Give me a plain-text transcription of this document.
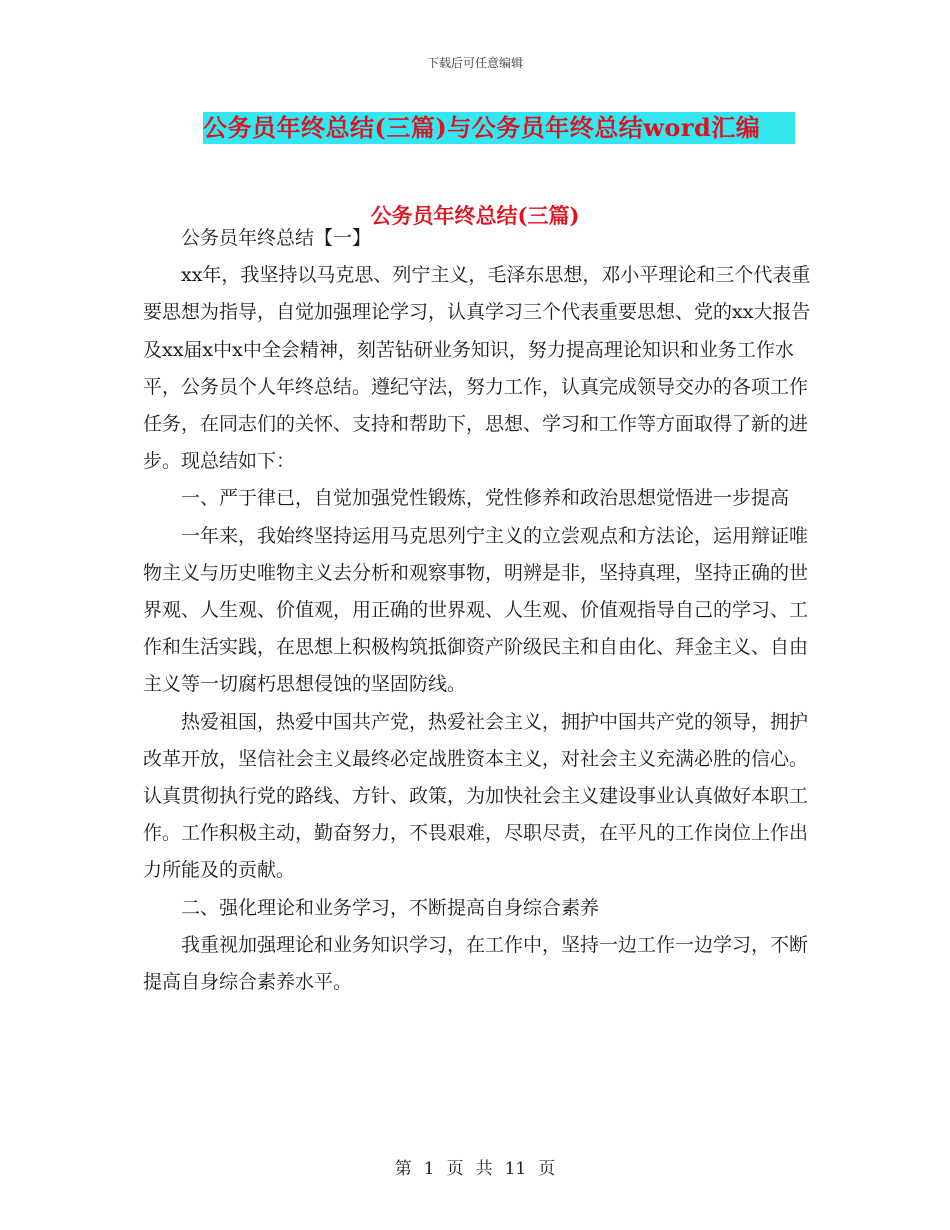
下载后可任意编辑
公务员年终总结(三篇)与公务员年终总结word汇编
公务员年终总结(三篇)

公务员年终总结【一】

xx年，我坚持以马克思、列宁主义，毛泽东思想，邓小平理论和三个代表重要思想为指导，自觉加强理论学习，认真学习三个代表重要思想、党的xx大报告及xx届x中x中全会精神，刻苦钻研业务知识，努力提高理论知识和业务工作水平，公务员个人年终总结。遵纪守法，努力工作，认真完成领导交办的各项工作任务，在同志们的关怀、支持和帮助下，思想、学习和工作等方面取得了新的进步。现总结如下：

一、严于律已，自觉加强党性锻炼，党性修养和政治思想觉悟进一步提高

一年来，我始终坚持运用马克思列宁主义的立尝观点和方法论，运用辩证唯物主义与历史唯物主义去分析和观察事物，明辨是非，坚持真理，坚持正确的世界观、人生观、价值观，用正确的世界观、人生观、价值观指导自己的学习、工作和生活实践，在思想上积极构筑抵御资产阶级民主和自由化、拜金主义、自由主义等一切腐朽思想侵蚀的坚固防线。

热爱祖国，热爱中国共产党，热爱社会主义，拥护中国共产党的领导，拥护改革开放，坚信社会主义最终必定战胜资本主义，对社会主义充满必胜的信心。认真贯彻执行党的路线、方针、政策，为加快社会主义建设事业认真做好本职工作。工作积极主动，勤奋努力，不畏艰难，尽职尽责，在平凡的工作岗位上作出力所能及的贡献。

二、强化理论和业务学习，不断提高自身综合素养

我重视加强理论和业务知识学习，在工作中，坚持一边工作一边学习，不断提高自身综合素养水平。

第 1 页 共 11 页
